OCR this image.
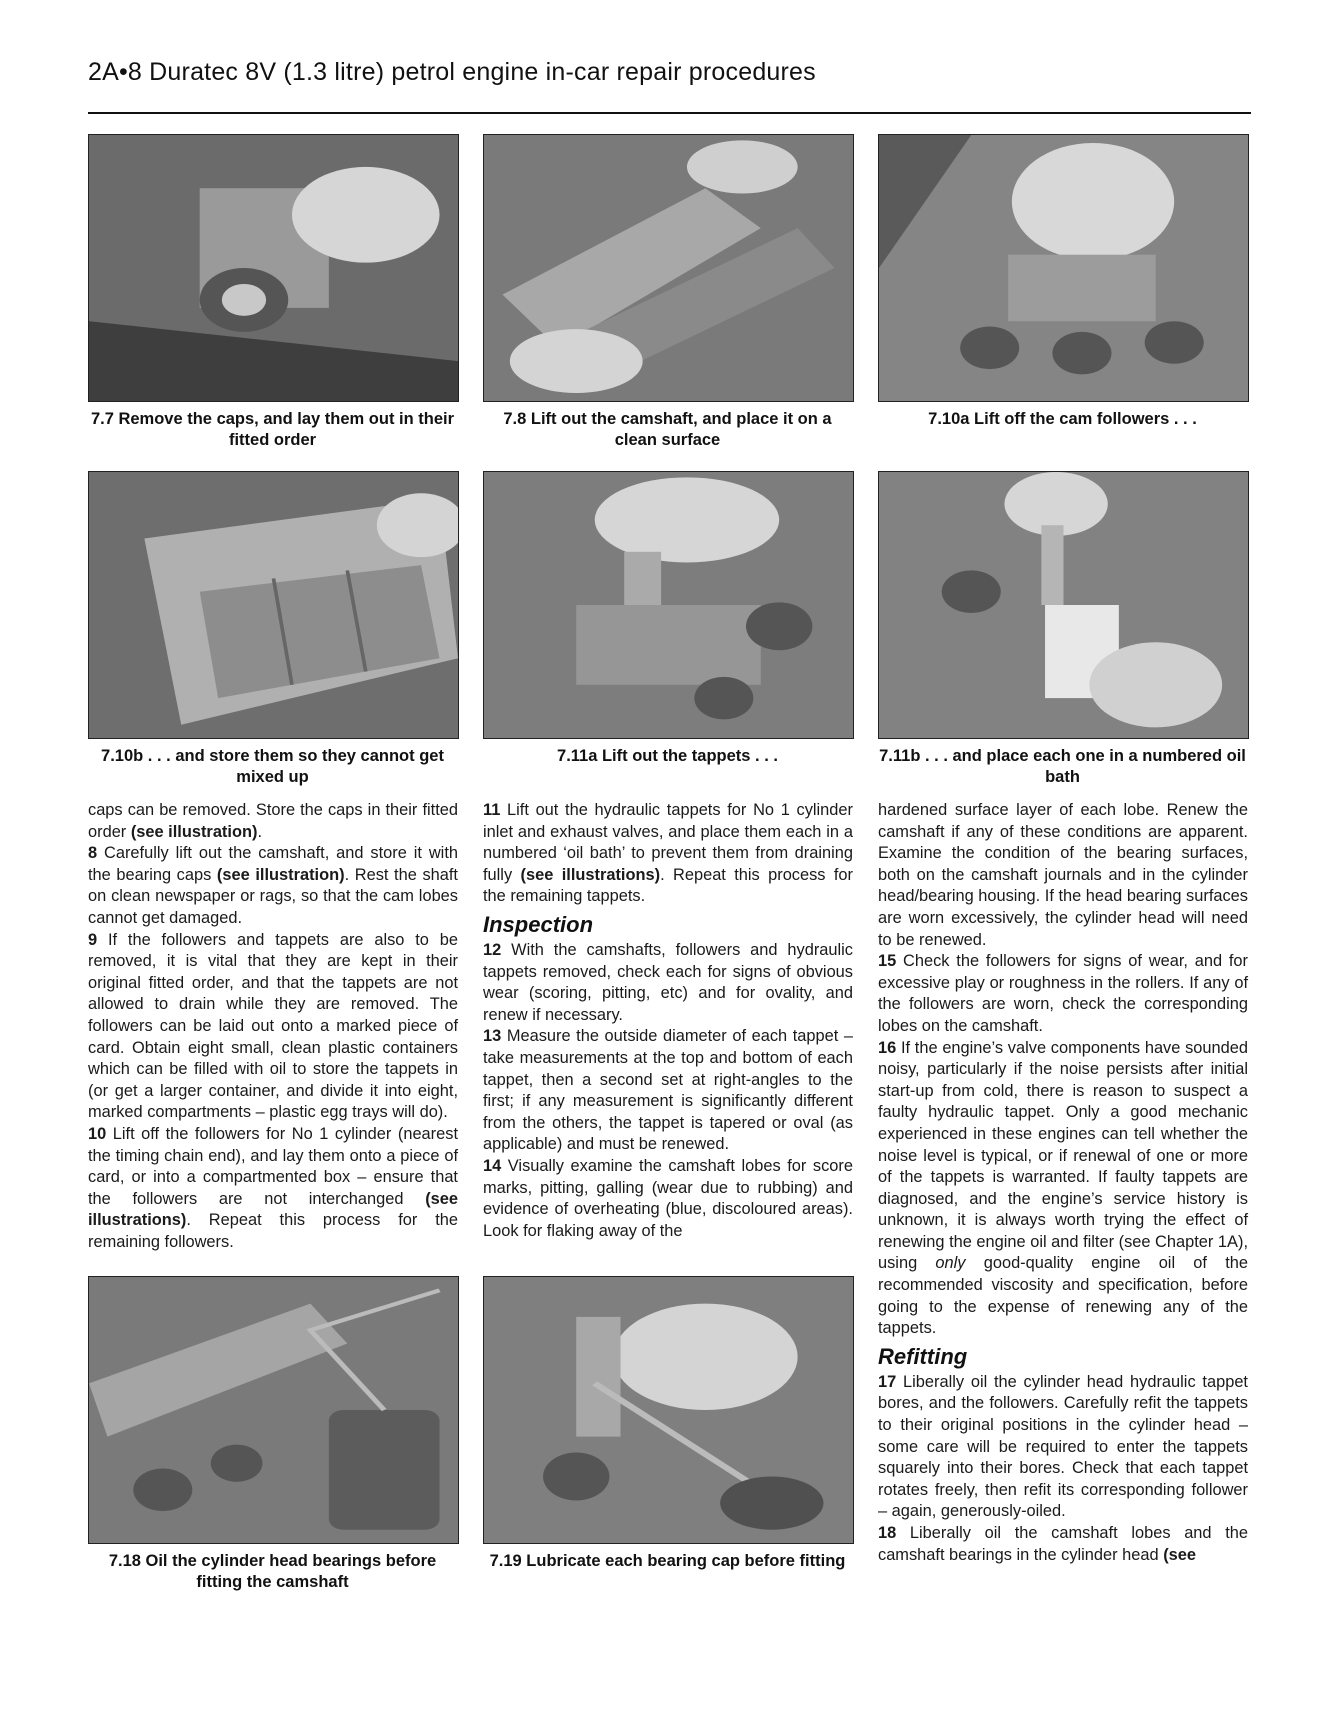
2A•8 Duratec 8V (1.3 litre) petrol engine in-car repair procedures
7.7 Remove the caps, and lay them out in their fitted order
7.8 Lift out the camshaft, and place it on a clean surface
7.10a Lift off the cam followers . . .
7.10b . . . and store them so they cannot get mixed up
7.11a Lift out the tappets . . .	7.11b . . . and place each one in a numbered oil bath

caps can be removed. Store the caps in their fitted order (see illustration).

8 Carefully lift out the camshaft, and store it with the bearing caps (see illustration). Rest the shaft on clean newspaper or rags, so that the cam lobes cannot get damaged.

9 If the followers and tappets are also to be removed, it is vital that they are kept in their original fitted order, and that the tappets are not allowed to drain while they are removed. The followers can be laid out onto a marked piece of card. Obtain eight small, clean plastic containers which can be filled with oil to store the tappets in (or get a larger container, and divide it into eight, marked compartments – plastic egg trays will do).

10 Lift off the followers for No 1 cylinder (nearest the timing chain end), and lay them onto a piece of card, or into a compartmented box – ensure that the followers are not interchanged (see illustrations). Repeat this process for the remaining followers.

11 Lift out the hydraulic tappets for No 1 cylinder inlet and exhaust valves, and place them each in a numbered ‘oil bath’ to prevent them from draining fully (see illustrations). Repeat this process for the remaining tappets.

Inspection

12 With the camshafts, followers and hydraulic tappets removed, check each for signs of obvious wear (scoring, pitting, etc) and for ovality, and renew if necessary.

13 Measure the outside diameter of each tappet – take measurements at the top and bottom of each tappet, then a second set at right-angles to the first; if any measurement is significantly different from the others, the tappet is tapered or oval (as applicable) and must be renewed.

14 Visually examine the camshaft lobes for score marks, pitting, galling (wear due to rubbing) and evidence of overheating (blue, discoloured areas). Look for flaking away of the

hardened surface layer of each lobe. Renew the camshaft if any of these conditions are apparent. Examine the condition of the bearing surfaces, both on the camshaft journals and in the cylinder head/bearing housing. If the head bearing surfaces are worn excessively, the cylinder head will need to be renewed.

15 Check the followers for signs of wear, and for excessive play or roughness in the rollers. If any of the followers are worn, check the corresponding lobes on the camshaft.

16 If the engine’s valve components have sounded noisy, particularly if the noise persists after initial start-up from cold, there is reason to suspect a faulty hydraulic tappet. Only a good mechanic experienced in these engines can tell whether the noise level is typical, or if renewal of one or more of the tappets is warranted. If faulty tappets are diagnosed, and the engine’s service history is unknown, it is always worth trying the effect of renewing the engine oil and filter (see Chapter 1A), using only good-quality engine oil of the recommended viscosity and specification, before going to the expense of renewing any of the tappets.

Refitting

17 Liberally oil the cylinder head hydraulic tappet bores, and the followers. Carefully refit the tappets to their original positions in the cylinder head – some care will be required to enter the tappets squarely into their bores. Check that each tappet rotates freely, then refit its corresponding follower – again, generously-oiled.

18 Liberally oil the camshaft lobes and the camshaft bearings in the cylinder head (see

7.18 Oil the cylinder head bearings before fitting the camshaft
7.19 Lubricate each bearing cap before fitting
